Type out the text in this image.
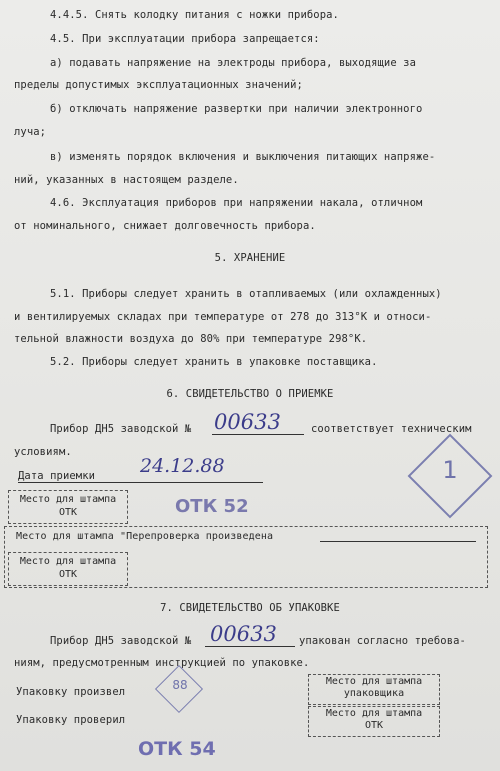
4.4.5. Снять колодку питания с ножки прибора.
4.5. При эксплуатации прибора запрещается:
а) подавать напряжение на электроды прибора, выходящие за
пределы допустимых эксплуатационных значений;
б) отключать напряжение развертки при наличии электронного
луча;
в) изменять порядок включения и выключения питающих напряже-
ний, указанных в настоящем разделе.
4.6. Эксплуатация приборов при напряжении накала, отличном
от номинального, снижает долговечность прибора.
5. ХРАНЕНИЕ
5.1. Приборы следует хранить в отапливаемых (или охлажденных)
и вентилируемых складах при температуре от 278 до 313°К и относи-
тельной влажности воздуха до 80% при температуре 298°К.
5.2. Приборы следует хранить в упаковке поставщика.
6. СВИДЕТЕЛЬСТВО О ПРИЕМКЕ
Прибор ДН5 заводской № 00633	соответствует техническим
условиям.
Дата приемки 24.12.88
Место для штампа
ОТК	ОТК 52
1
Место для штампа "Перепроверка произведена
Место для штампа
ОТК
7. СВИДЕТЕЛЬСТВО ОБ УПАКОВКЕ
Прибор ДН5 заводской № 00633 упакован согласно требова-
ниям, предусмотренным инструкцией по упаковке.
Упаковку произвел
Упаковку проверил
88	Место для штампа
упаковщика
Место для штампа
ОТК
ОТК 54
